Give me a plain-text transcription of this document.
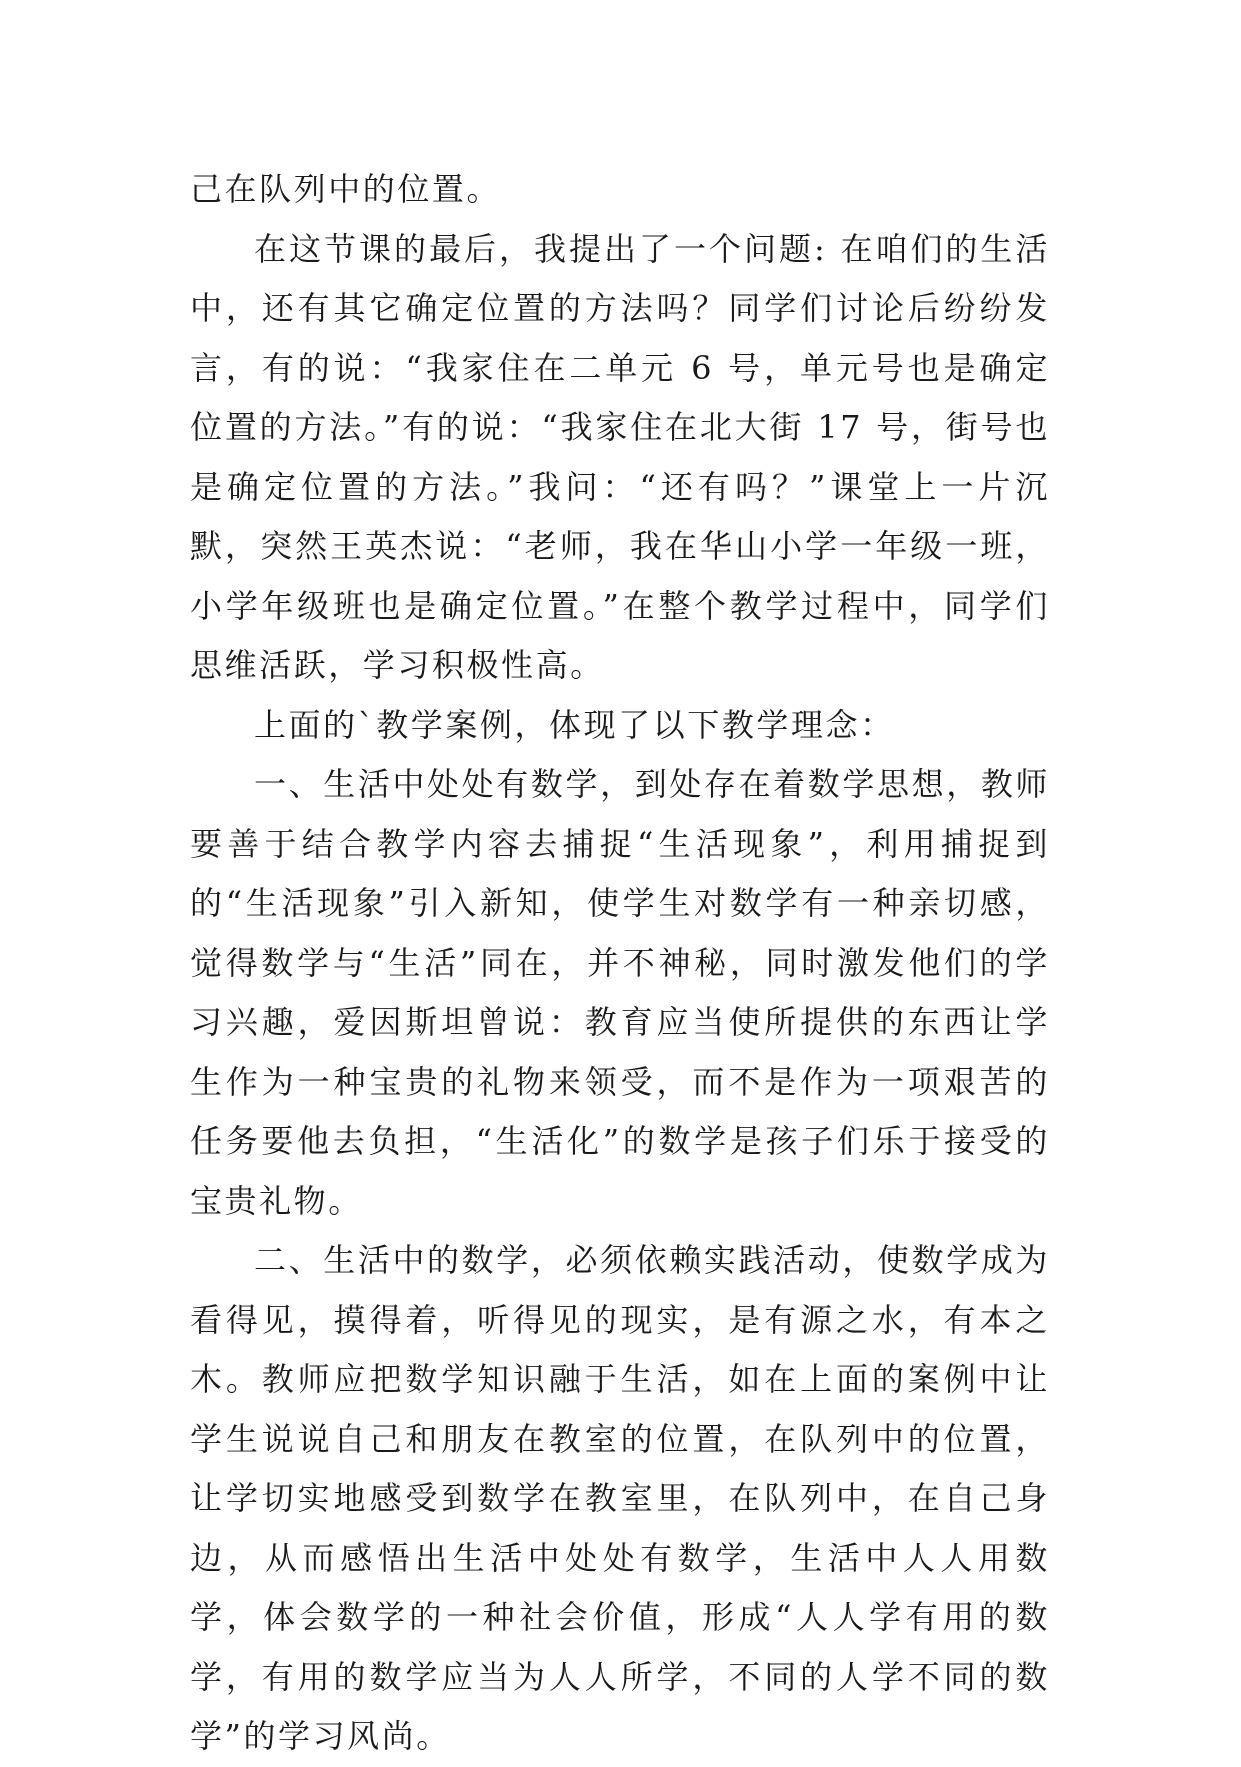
己在队列中的位置。

在这节课的最后，我提出了一个问题: 在咱们的生活中，还有其它确定位置的方法吗？同学们讨论后纷纷发言，有的说：“我家住在二单元 6 号，单元号也是确定位置的方法。”有的说：“我家住在北大街 17 号，街号也是确定位置的方法。”我问：“还有吗？”课堂上一片沉默，突然王英杰说：“老师，我在华山小学一年级一班，小学年级班也是确定位置。”在整个教学过程中，同学们思维活跃，学习积极性高。

上面的`教学案例，体现了以下教学理念：

一、生活中处处有数学，到处存在着数学思想，教师要善于结合教学内容去捕捉“生活现象”，利用捕捉到的“生活现象”引入新知，使学生对数学有一种亲切感，觉得数学与“生活”同在，并不神秘，同时激发他们的学习兴趣，爱因斯坦曾说：教育应当使所提供的东西让学生作为一种宝贵的礼物来领受，而不是作为一项艰苦的任务要他去负担，“生活化”的数学是孩子们乐于接受的宝贵礼物。

二、生活中的数学，必须依赖实践活动，使数学成为看得见，摸得着，听得见的现实，是有源之水，有本之木。教师应把数学知识融于生活，如在上面的案例中让学生说说自己和朋友在教室的位置，在队列中的位置，让学切实地感受到数学在教室里，在队列中，在自己身边，从而感悟出生活中处处有数学，生活中人人用数学，体会数学的一种社会价值，形成“人人学有用的数学，有用的数学应当为人人所学，不同的人学不同的数学”的学习风尚。
